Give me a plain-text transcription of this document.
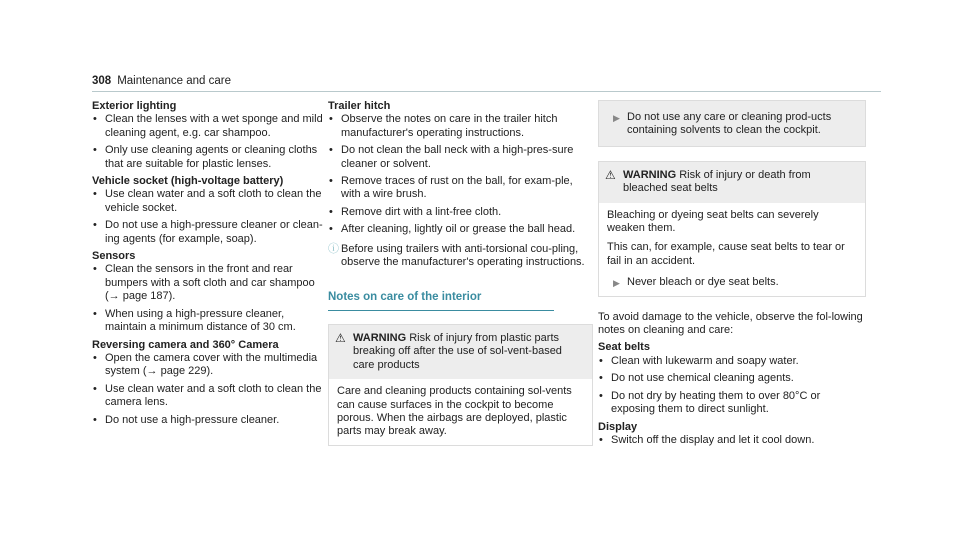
308 Maintenance and care
Exterior lighting
• Clean the lenses with a wet sponge and mild cleaning agent, e.g. car shampoo.
• Only use cleaning agents or cleaning cloths that are suitable for plastic lenses.
Vehicle socket (high-voltage battery)
• Use clean water and a soft cloth to clean the vehicle socket.
• Do not use a high-pressure cleaner or clean-ing agents (for example, soap).
Sensors
• Clean the sensors in the front and rear bumpers with a soft cloth and car shampoo (→ page 187).
• When using a high-pressure cleaner, maintain a minimum distance of 30 cm.
Reversing camera and 360° Camera
• Open the camera cover with the multimedia system (→ page 229).
• Use clean water and a soft cloth to clean the camera lens.
• Do not use a high-pressure cleaner.
Trailer hitch
• Observe the notes on care in the trailer hitch manufacturer's operating instructions.
• Do not clean the ball neck with a high-pres-sure cleaner or solvent.
• Remove traces of rust on the ball, for exam-ple, with a wire brush.
• Remove dirt with a lint-free cloth.
• After cleaning, lightly oil or grease the ball head.
ⓘ Before using trailers with anti-torsional cou-pling, observe the manufacturer's operating instructions.
Notes on care of the interior
⚠ WARNING Risk of injury from plastic parts breaking off after the use of sol-vent-based care products
Care and cleaning products containing sol-vents can cause surfaces in the cockpit to become porous. When the airbags are deployed, plastic parts may break away.
▶ Do not use any care or cleaning prod-ucts containing solvents to clean the cockpit.
⚠ WARNING Risk of injury or death from bleached seat belts
Bleaching or dyeing seat belts can severely weaken them.
This can, for example, cause seat belts to tear or fail in an accident.
▶ Never bleach or dye seat belts.
To avoid damage to the vehicle, observe the fol-lowing notes on cleaning and care:
Seat belts
• Clean with lukewarm and soapy water.
• Do not use chemical cleaning agents.
• Do not dry by heating them to over 80°C or exposing them to direct sunlight.
Display
• Switch off the display and let it cool down.
